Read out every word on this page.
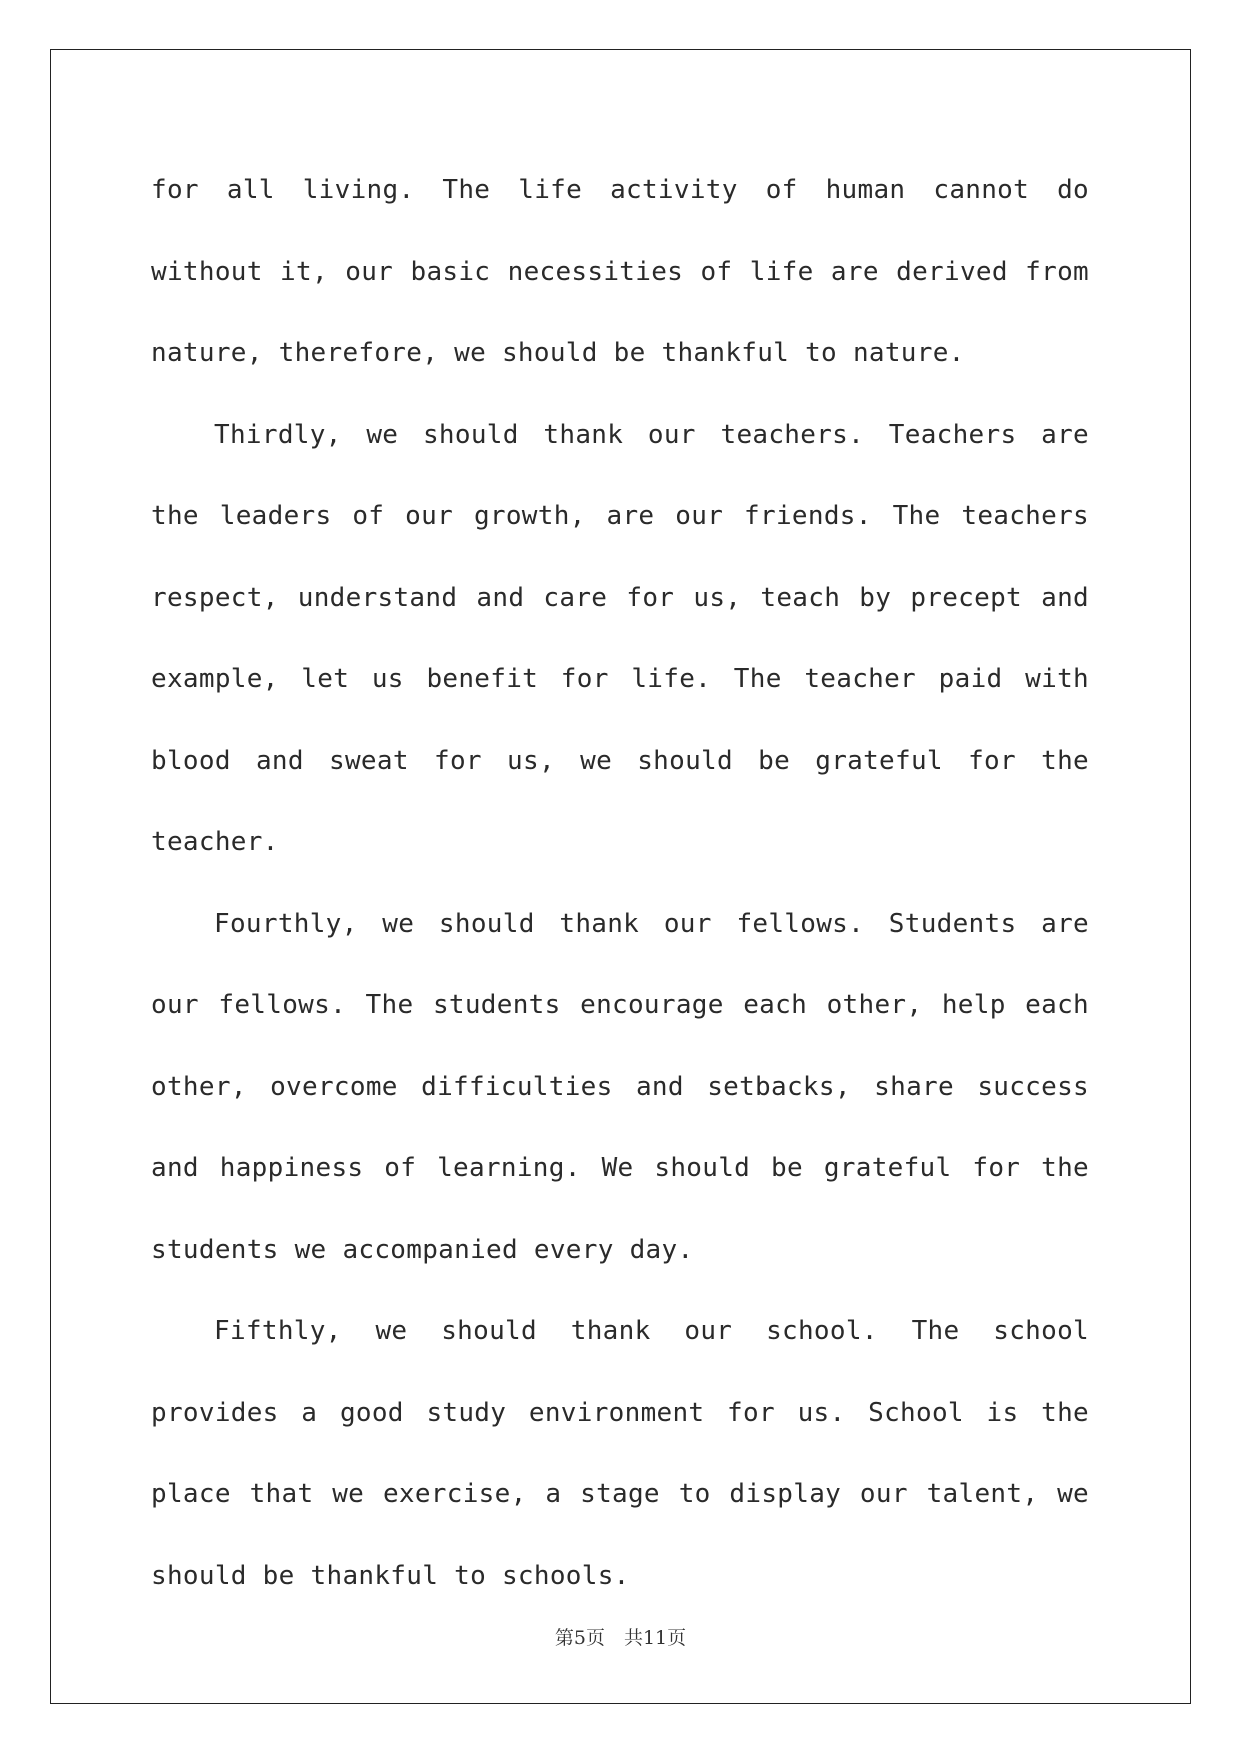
for all living. The life activity of human cannot do without it, our basic necessities of life are derived from nature, therefore, we should be thankful to nature.

Thirdly, we should thank our teachers. Teachers are the leaders of our growth, are our friends. The teachers respect, understand and care for us, teach by precept and example, let us benefit for life. The teacher paid with blood and sweat for us, we should be grateful for the teacher.

Fourthly, we should thank our fellows. Students are our fellows. The students encourage each other, help each other, overcome difficulties and setbacks, share success and happiness of learning. We should be grateful for the students we accompanied every day.

Fifthly, we should thank our school. The school provides a good study environment for us. School is the place that we exercise, a stage to display our talent, we should be thankful to schools.

第5页　共11页
